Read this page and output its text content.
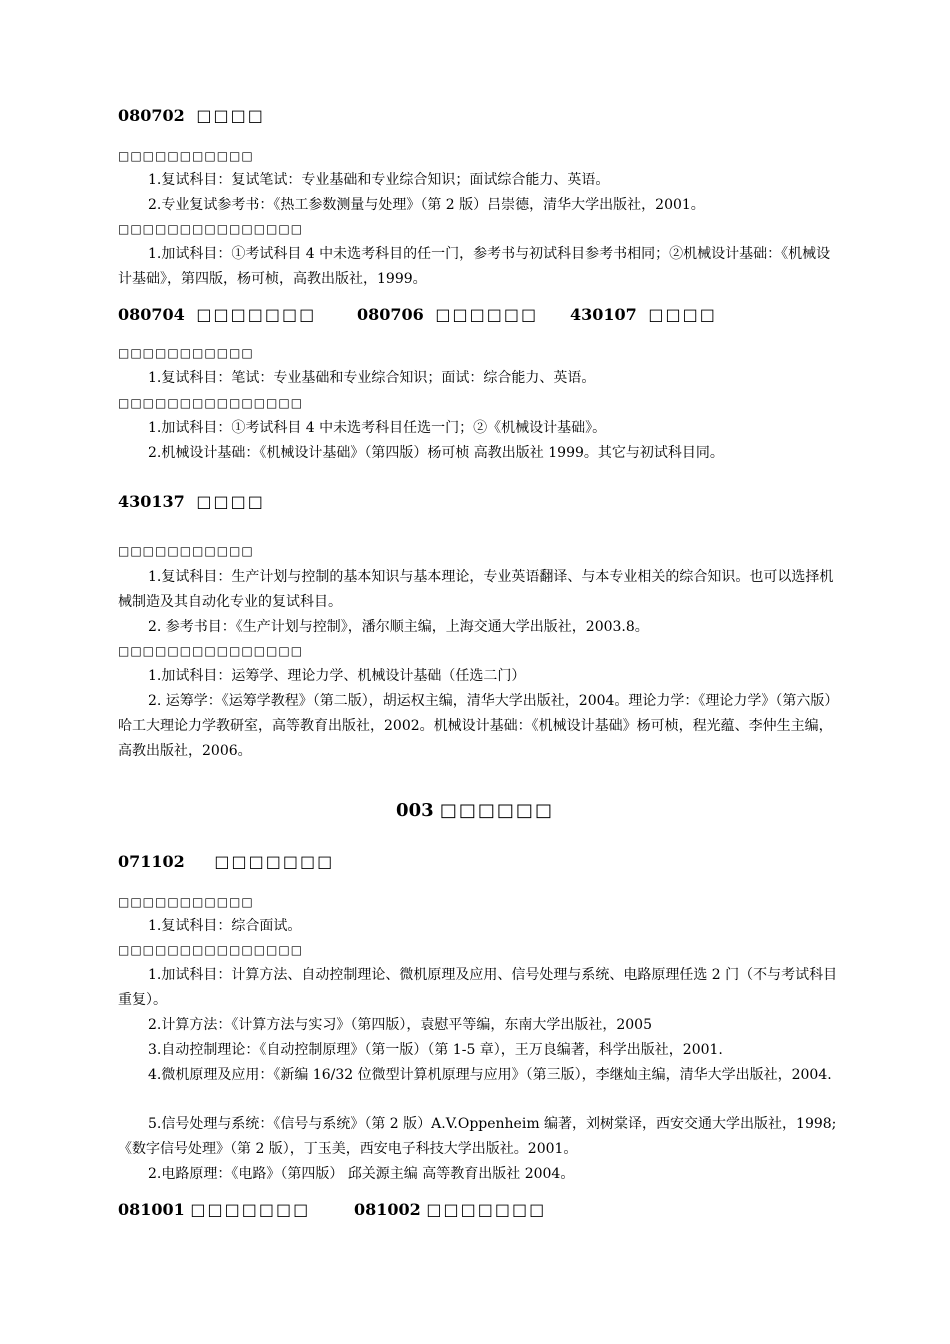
080702 □□□□
□□□□□□□□□□□
1.复试科目：复试笔试：专业基础和专业综合知识；面试综合能力、英语。
2.专业复试参考书：《热工参数测量与处理》（第 2 版）吕崇德，清华大学出版社，2001。
□□□□□□□□□□□□□□□
1.加试科目：①考试科目 4 中未选考科目的任一门，参考书与初试科目参考书相同；②机械设计基础：《机械设计基础》，第四版，杨可桢，高教出版社，1999。
080704 □□□□□□□	080706 □□□□□□ 430107 □□□□
□□□□□□□□□□□
1.复试科目：笔试：专业基础和专业综合知识；面试：综合能力、英语。
□□□□□□□□□□□□□□□
1.加试科目：①考试科目 4 中未选考科目任选一门；②《机械设计基础》。
2.机械设计基础：《机械设计基础》（第四版）杨可桢 高教出版社 1999。其它与初试科目同。
430137 □□□□
□□□□□□□□□□□
1.复试科目：生产计划与控制的基本知识与基本理论，专业英语翻译、与本专业相关的综合知识。也可以选择机械制造及其自动化专业的复试科目。
2. 参考书目：《生产计划与控制》，潘尔顺主编，上海交通大学出版社，2003.8。
□□□□□□□□□□□□□□□
1.加试科目：运筹学、理论力学、机械设计基础（任选二门）
2. 运筹学：《运筹学教程》（第二版），胡运权主编，清华大学出版社，2004。理论力学：《理论力学》（第六版）哈工大理论力学教研室，高等教育出版社，2002。机械设计基础：《机械设计基础》杨可桢，程光蕴、李仲生主编，高教出版社，2006。
003 □□□□□□
071102 □□□□□□□
□□□□□□□□□□□
1.复试科目：综合面试。
□□□□□□□□□□□□□□□
1.加试科目：计算方法、自动控制理论、微机原理及应用、信号处理与系统、电路原理任选 2 门（不与考试科目重复）。
2.计算方法：《计算方法与实习》（第四版），袁慰平等编，东南大学出版社，2005
3.自动控制理论：《自动控制原理》（第一版）（第 1-5 章），王万良编著，科学出版社，2001.
4.微机原理及应用：《新编 16/32 位微型计算机原理与应用》（第三版），李继灿主编，清华大学出版社，2004.
5.信号处理与系统：《信号与系统》（第 2 版）A.V.Oppenheim 编著，刘树棠译，西安交通大学出版社，1998;《数字信号处理》（第 2 版），丁玉美，西安电子科技大学出版社。2001。
2.电路原理：《电路》（第四版） 邱关源主编 高等教育出版社 2004。
081001 □□□□□□□	081002 □□□□□□□
